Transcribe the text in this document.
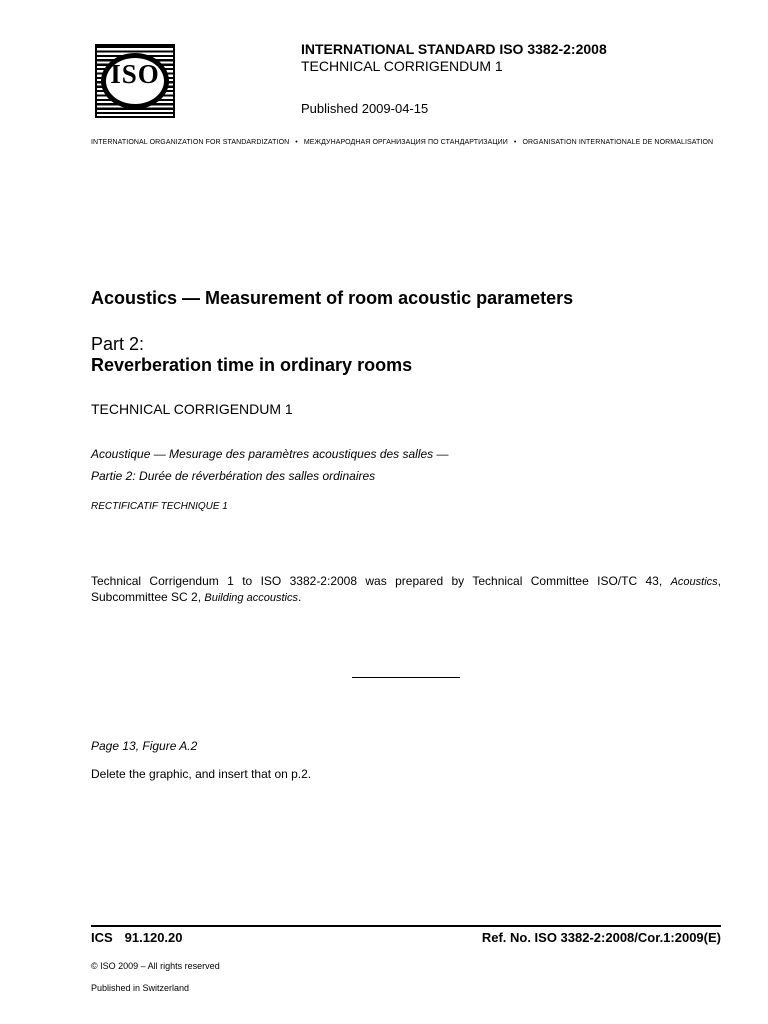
ISO
INTERNATIONAL STANDARD ISO 3382-2:2008
TECHNICAL CORRIGENDUM 1
Published 2009-04-15
INTERNATIONAL ORGANIZATION FOR STANDARDIZATION • МЕЖДУНАРОДНАЯ ОРГАНИЗАЦИЯ ПО СТАНДАРТИЗАЦИИ • ORGANISATION INTERNATIONALE DE NORMALISATION
Acoustics — Measurement of room acoustic parameters
Part 2:
Reverberation time in ordinary rooms
TECHNICAL CORRIGENDUM 1
Acoustique — Mesurage des paramètres acoustiques des salles —
Partie 2: Durée de réverbération des salles ordinaires
RECTIFICATIF TECHNIQUE 1
Technical Corrigendum 1 to ISO 3382-2:2008 was prepared by Technical Committee ISO/TC 43, Acoustics, Subcommittee SC 2, Building accoustics.
Page 13, Figure A.2
Delete the graphic, and insert that on p.2.
ICS 91.120.20	Ref. No. ISO 3382-2:2008/Cor.1:2009(E)
© ISO 2009 – All rights reserved
Published in Switzerland
